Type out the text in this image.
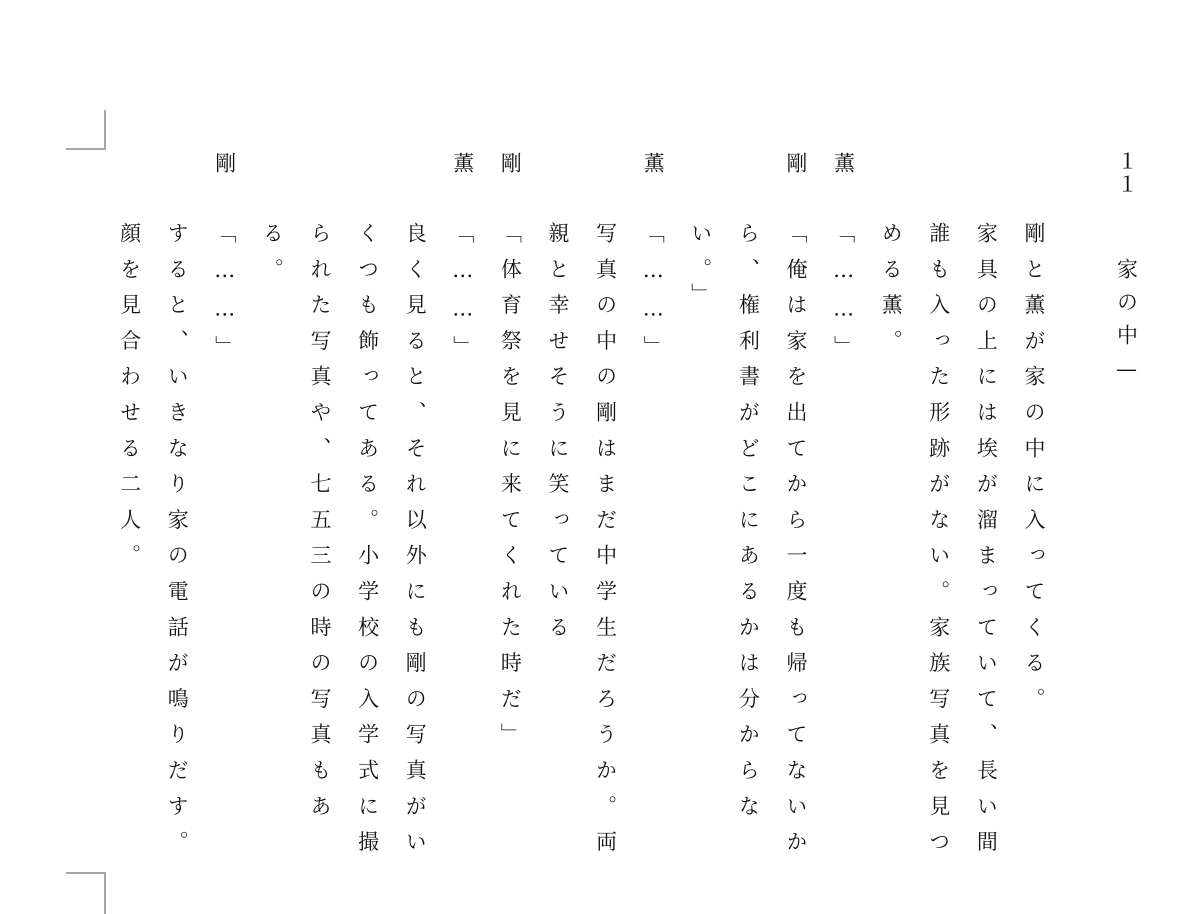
１１
家の中—
剛と薫が家の中に入ってくる。
家具の上には埃が溜まっていて、長い間
誰も入った形跡がない。家族写真を見つ
める薫。
薫
「……」
剛
「俺は家を出てから一度も帰ってないか
ら、権利書がどこにあるかは分からな
い。」
薫
「……」
写真の中の剛はまだ中学生だろうか。両
親と幸せそうに笑っている
剛
「体育祭を見に来てくれた時だ」
薫
「……」
良く見ると、それ以外にも剛の写真がい
くつも飾ってある。小学校の入学式に撮
られた写真や、七五三の時の写真もあ
る。
剛
「……」
すると、いきなり家の電話が鳴りだす。
顔を見合わせる二人。
